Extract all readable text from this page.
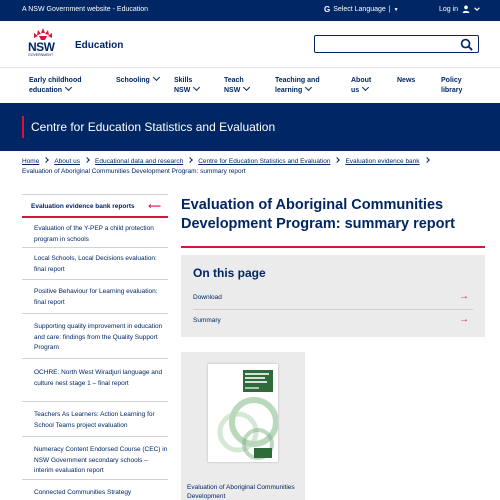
A NSW Government website - Education	G Select Language | ▼	Log in
NSW
GOVERNMENT
Education
Early childhood
education
Schooling	Skills
NSW
Teach
NSW
Teaching and
learning
About
us
News	Policy
library
Centre for Education Statistics and Evaluation
Home About us Educational data and research Centre for Education Statistics and Evaluation Evaluation evidence bank
Evaluation of Aboriginal Communities Development Program: summary report
Evaluation evidence bank reports ⟵
Evaluation of the Y-PEP a child protection program in schools
Local Schools, Local Decisions evaluation: final report
Positive Behaviour for Learning evaluation: final report
Supporting quality improvement in education and care: findings from the Quality Support Program
OCHRE: North West Wiradjuri language and culture nest stage 1 – final report
Teachers As Learners: Action Learning for School Teams project evaluation
Numeracy Content Endorsed Course (CEC) in NSW Government secondary schools – interim evaluation report
Connected Communities Strategy
Evaluation of Aboriginal Communities Development Program: summary report
On this page
Download	→
Summary	→
Evaluation of Aboriginal Communities Development
